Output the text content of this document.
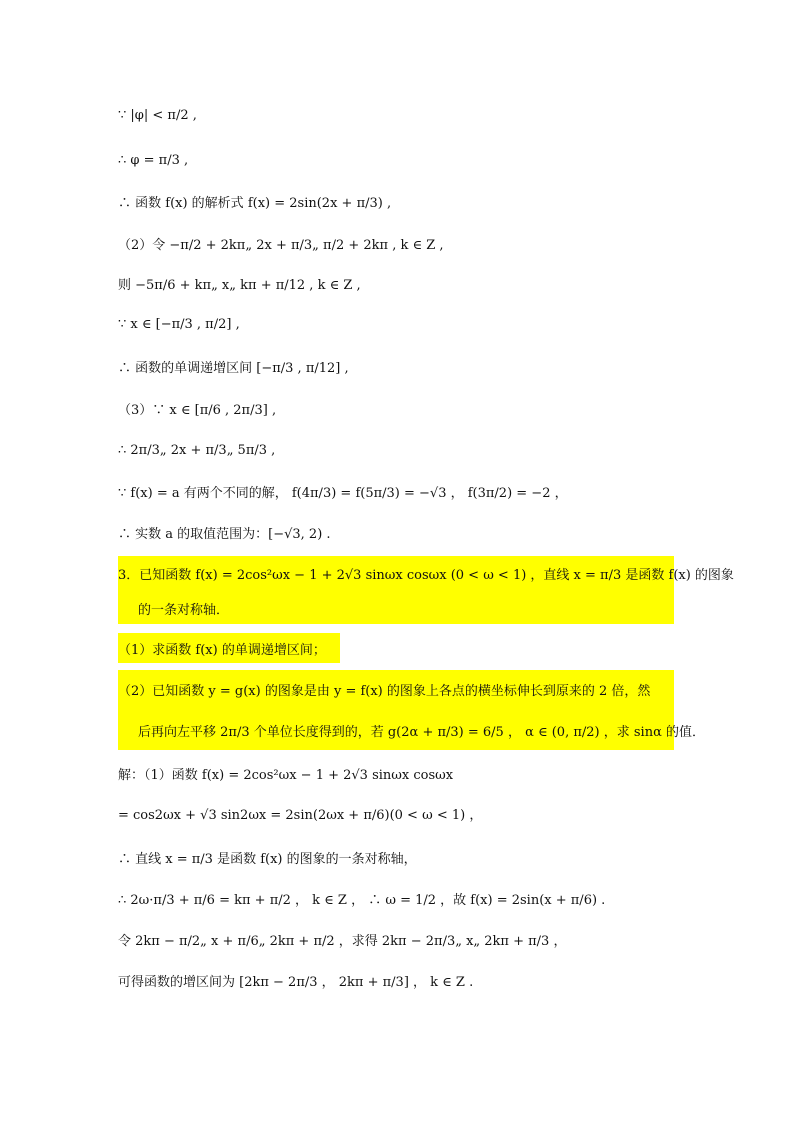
∵ |φ| < π/2 ,
∴ φ = π/3 ,
∴ 函数 f(x) 的解析式 f(x) = 2sin(2x + π/3) ,
（2）令 −π/2 + 2kπ„ 2x + π/3„ π/2 + 2kπ , k ∈ Z ,
则 −5π/6 + kπ„ x„ kπ + π/12 , k ∈ Z ,
∵ x ∈ [−π/3 , π/2] ,
∴ 函数的单调递增区间 [−π/3 , π/12] ,
（3）∵ x ∈ [π/6 , 2π/3] ,
∴ 2π/3„ 2x + π/3„ 5π/3 ,
∵ f(x) = a 有两个不同的解， f(4π/3) = f(5π/3) = −√3 ， f(3π/2) = −2 ，
∴ 实数 a 的取值范围为：[−√3, 2) .
3．已知函数 f(x) = 2cos²ωx − 1 + 2√3 sinωx cosωx (0 < ω < 1) ，直线 x = π/3 是函数 f(x) 的图象
的一条对称轴．
（1）求函数 f(x) 的单调递增区间；
（2）已知函数 y = g(x) 的图象是由 y = f(x) 的图象上各点的横坐标伸长到原来的 2 倍，然
后再向左平移 2π/3 个单位长度得到的，若 g(2α + π/3) = 6/5 ， α ∈ (0, π/2) ，求 sinα 的值．
解：（1）函数 f(x) = 2cos²ωx − 1 + 2√3 sinωx cosωx
= cos2ωx + √3 sin2ωx = 2sin(2ωx + π/6)(0 < ω < 1) ，
∴ 直线 x = π/3 是函数 f(x) 的图象的一条对称轴，
∴ 2ω·π/3 + π/6 = kπ + π/2 ， k ∈ Z ， ∴ ω = 1/2 ，故 f(x) = 2sin(x + π/6) .
令 2kπ − π/2„ x + π/6„ 2kπ + π/2 ，求得 2kπ − 2π/3„ x„ 2kπ + π/3 ，
可得函数的增区间为 [2kπ − 2π/3 ， 2kπ + π/3] ， k ∈ Z .
